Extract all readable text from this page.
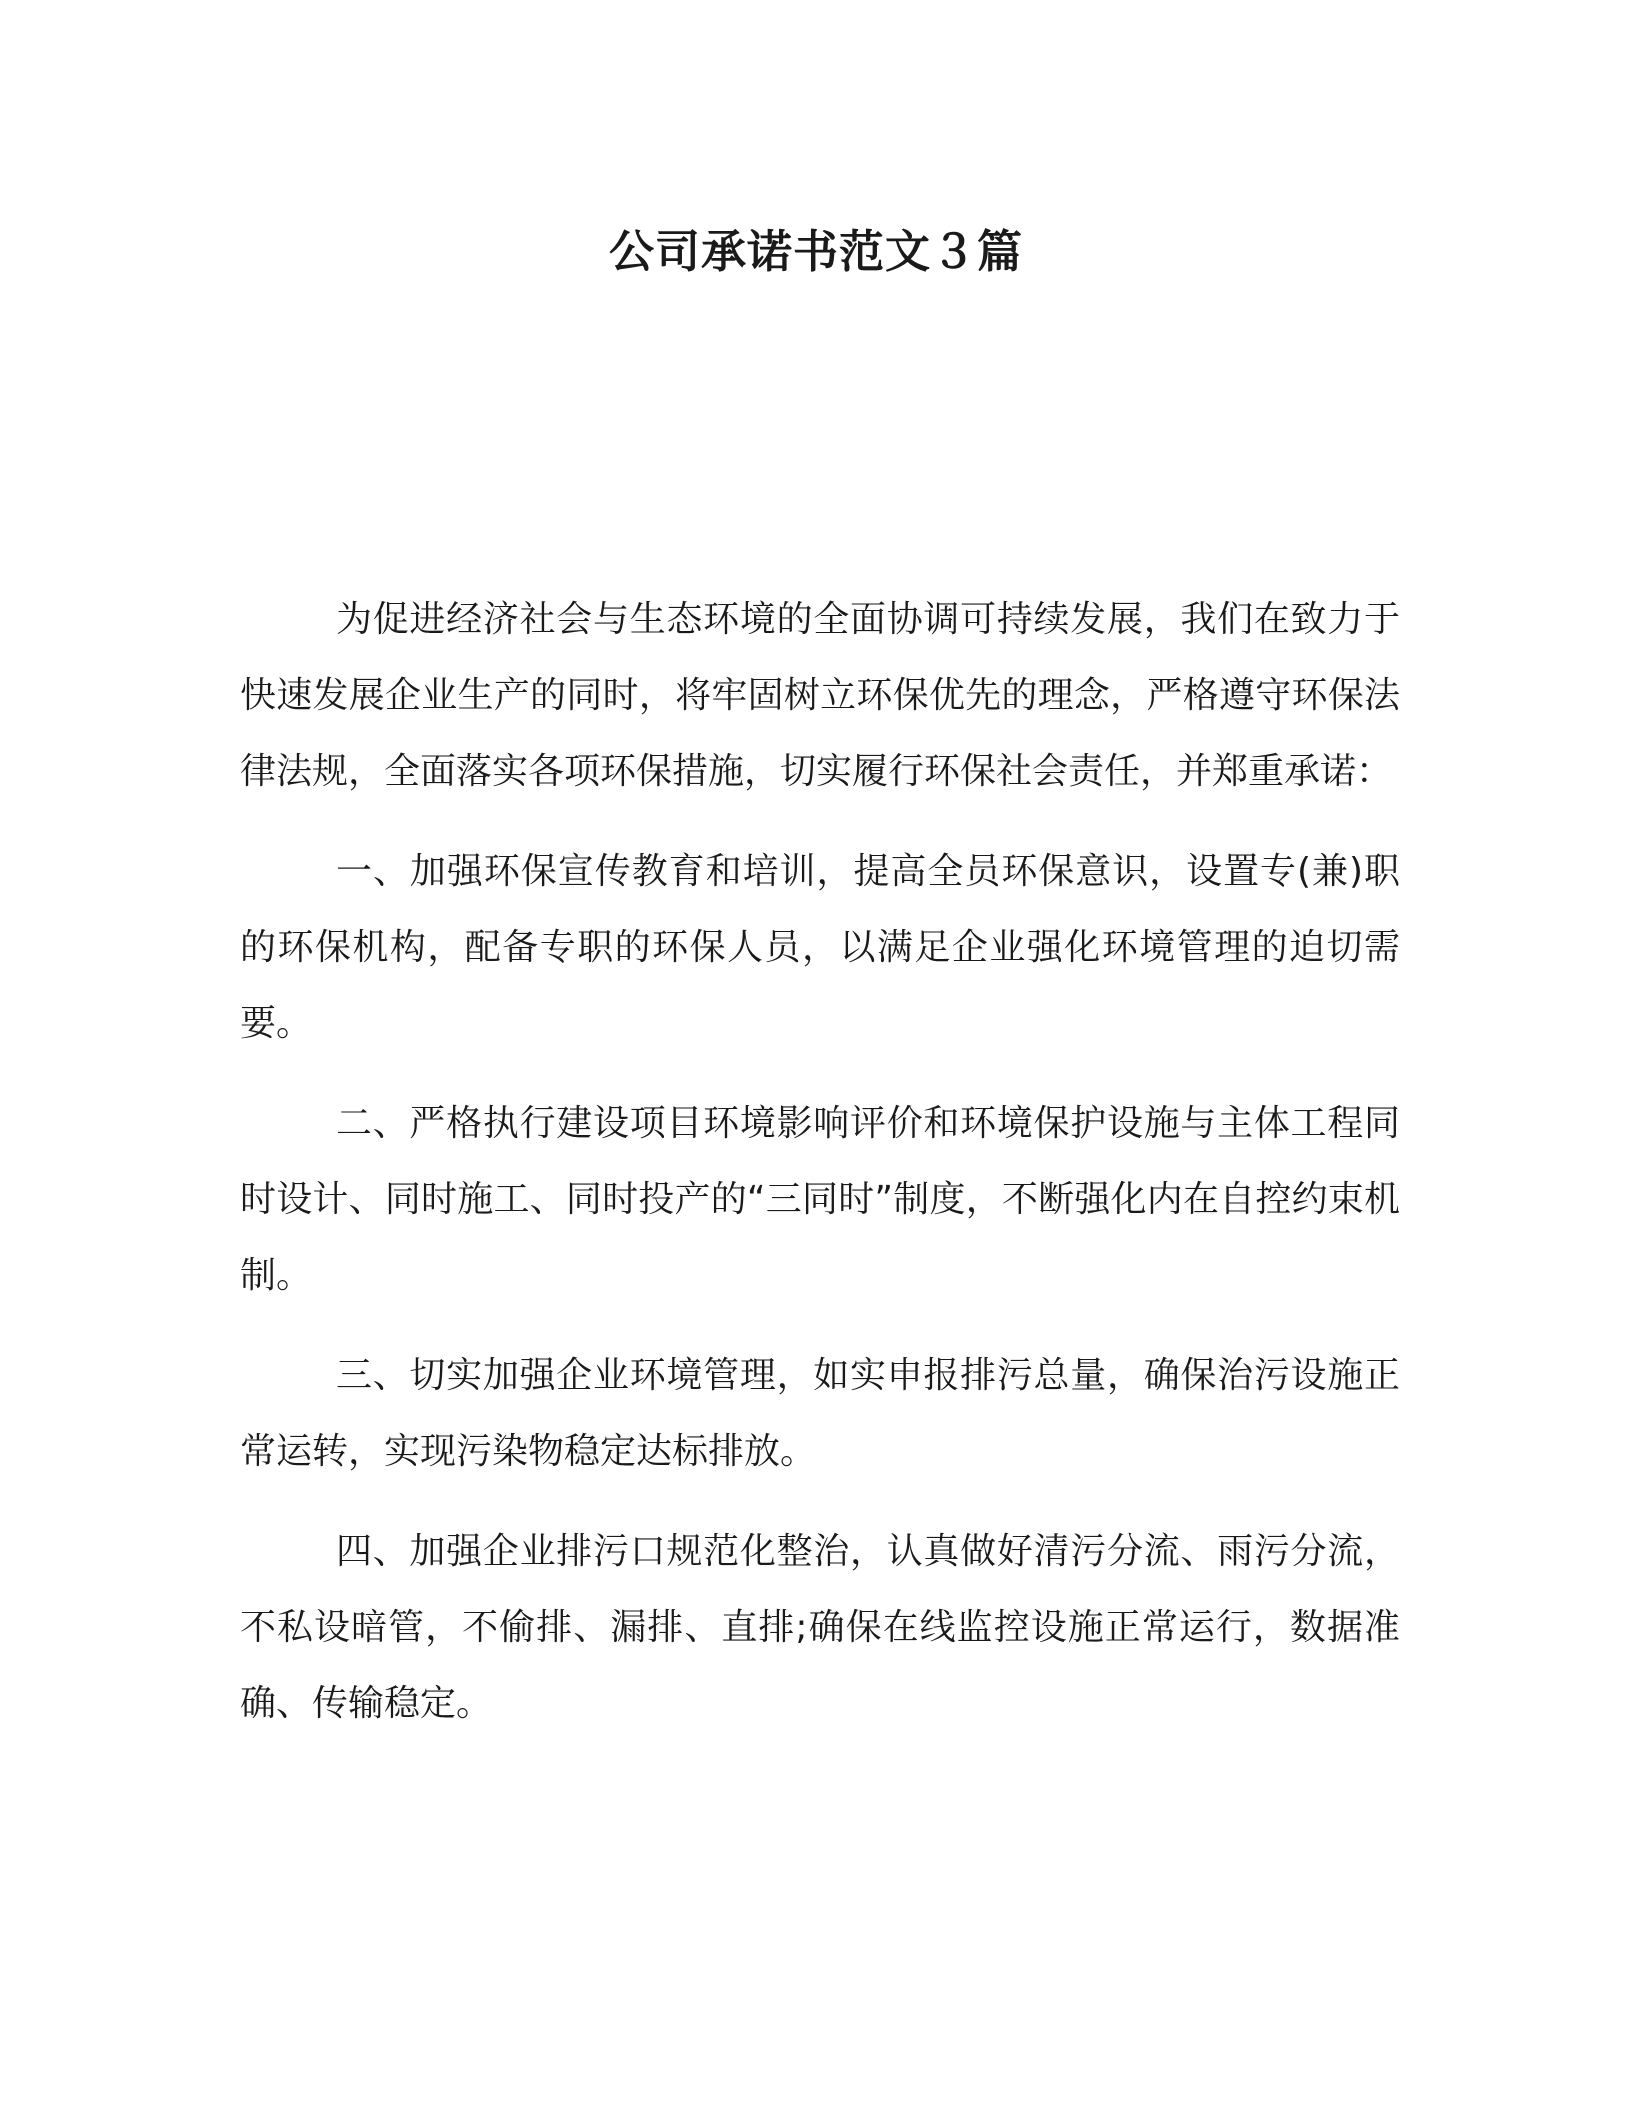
公司承诺书范文３篇

为促进经济社会与生态环境的全面协调可持续发展，我们在致力于快速发展企业生产的同时，将牢固树立环保优先的理念，严格遵守环保法律法规，全面落实各项环保措施，切实履行环保社会责任，并郑重承诺：

一、加强环保宣传教育和培训，提高全员环保意识，设置专(兼)职的环保机构，配备专职的环保人员，以满足企业强化环境管理的迫切需要。

二、严格执行建设项目环境影响评价和环境保护设施与主体工程同时设计、同时施工、同时投产的“三同时”制度，不断强化内在自控约束机制。

三、切实加强企业环境管理，如实申报排污总量，确保治污设施正常运转，实现污染物稳定达标排放。

四、加强企业排污口规范化整治，认真做好清污分流、雨污分流，不私设暗管，不偷排、漏排、直排;确保在线监控设施正常运行，数据准确、传输稳定。
